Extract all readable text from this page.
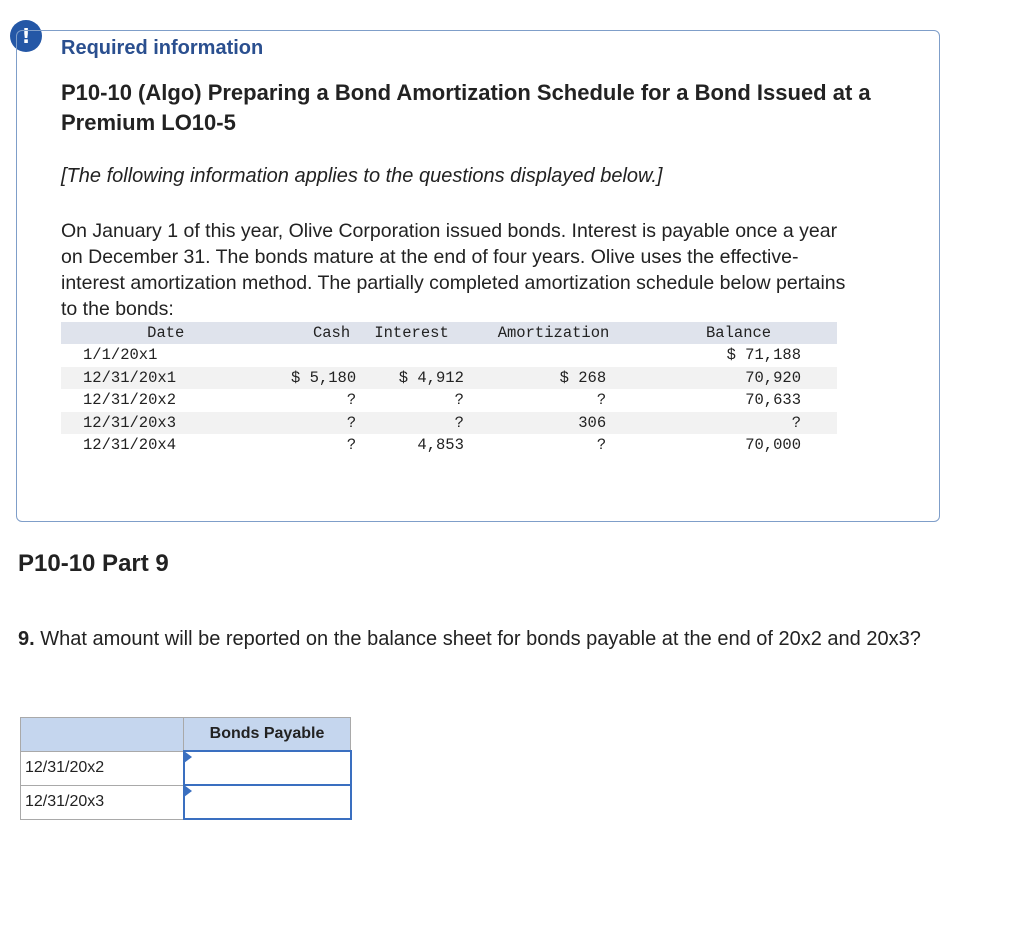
!	Required information
P10-10 (Algo) Preparing a Bond Amortization Schedule for a Bond Issued at a Premium LO10-5

[The following information applies to the questions displayed below.]

On January 1 of this year, Olive Corporation issued bonds. Interest is payable once a year on December 31. The bonds mature at the end of four years. Olive uses the effective-interest amortization method. The partially completed amortization schedule below pertains to the bonds:

Date	Cash	Interest	Amortization	Balance
1/1/20x1				$ 71,188
12/31/20x1	$ 5,180	$ 4,912	$ 268	70,920
12/31/20x2	?	?	?	70,633
12/31/20x3	?	?	306	?
12/31/20x4	?	4,853	?	70,000
P10-10 Part 9

9. What amount will be reported on the balance sheet for bonds payable at the end of 20x2 and 20x3?

	Bonds Payable
12/31/20x2	

12/31/20x3	
